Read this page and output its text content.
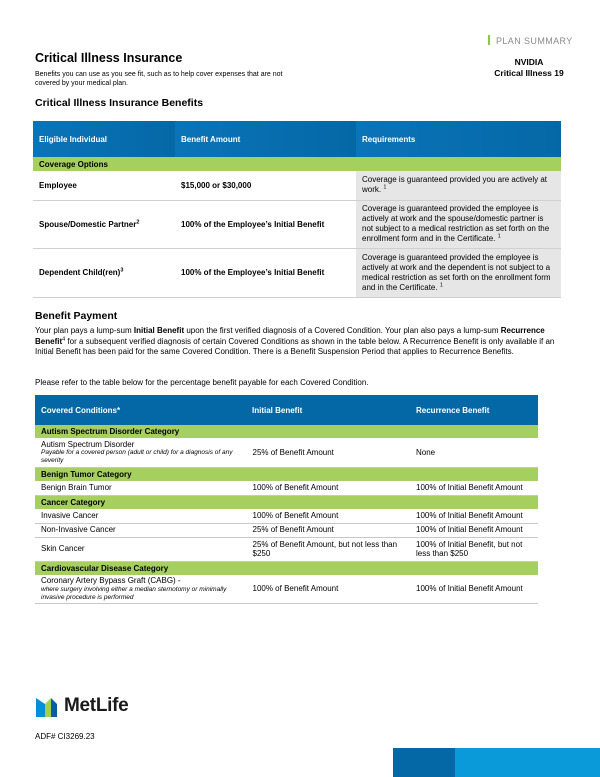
PLAN SUMMARY
NVIDIA
Critical Illness 19
Critical Illness Insurance
Benefits you can use as you see fit, such as to help cover expenses that are not covered by your medical plan.
Critical Illness Insurance Benefits
Eligible Individual	Benefit Amount	Requirements
Coverage Options		
Employee	$15,000 or $30,000	Coverage is guaranteed provided you are actively at work. $^1$
Spouse/Domestic Partner$^2$	100% of the Employee’s Initial Benefit	Coverage is guaranteed provided the employee is actively at work and the spouse/domestic partner is not subject to a medical restriction as set forth on the enrollment form and in the Certificate. $^1$
Dependent Child(ren)$^3$	100% of the Employee’s Initial Benefit	Coverage is guaranteed provided the employee is actively at work and the dependent is not subject to a medical restriction as set forth on the enrollment form and in the Certificate. $^1$
Benefit Payment
Your plan pays a lump-sum Initial Benefit upon the first verified diagnosis of a Covered Condition. Your plan also pays a lump-sum Recurrence Benefit$^4$ for a subsequent verified diagnosis of certain Covered Conditions as shown in the table below. A Recurrence Benefit is only available if an Initial Benefit has been paid for the same Covered Condition. There is a Benefit Suspension Period that applies to Recurrence Benefits.
Please refer to the table below for the percentage benefit payable for each Covered Condition.
Covered Conditions*	Initial Benefit	Recurrence Benefit
Autism Spectrum Disorder Category		

Autism Spectrum Disorder
Payable for a covered person (adult or child) for a diagnosis of any severity	25% of Benefit Amount	None
Benign Tumor Category		
Benign Brain Tumor	100% of Benefit Amount	100% of Initial Benefit Amount
Cancer Category		
Invasive Cancer	100% of Benefit Amount	100% of Initial Benefit Amount
Non-Invasive Cancer	25% of Benefit Amount	100% of Initial Benefit Amount
Skin Cancer	25% of Benefit Amount, but not less than $250	100% of Initial Benefit, but not less than $250
Cardiovascular Disease Category		

Coronary Artery Bypass Graft (CABG) -
where surgery involving either a median sternotomy or minimally invasive procedure is performed	100% of Benefit Amount	100% of Initial Benefit Amount
MetLife
ADF# CI3269.23
